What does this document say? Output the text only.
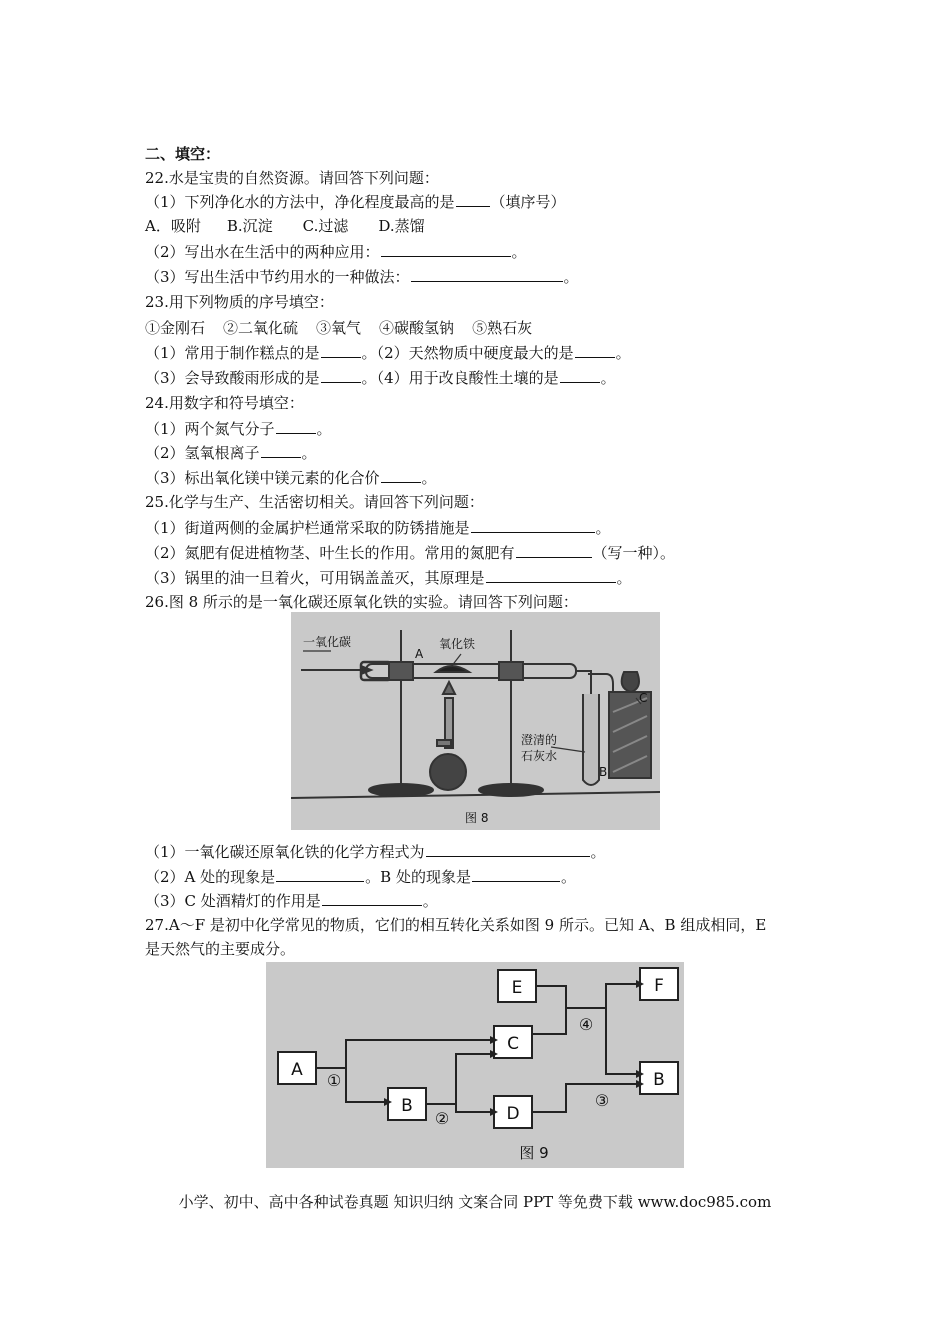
二、填空：
22.水是宝贵的自然资源。请回答下列问题：
（1）下列净化水的方法中，净化程度最高的是 （填序号）
A．吸附 B.沉淀 C.过滤 D.蒸馏
（2）写出水在生活中的两种应用：	。
（3）写出生活中节约用水的一种做法：	。
23.用下列物质的序号填空：
①金刚石 ②二氧化硫 ③氧气 ④碳酸氢钠 ⑤熟石灰
（1）常用于制作糕点的是	。（2）天然物质中硬度最大的是	。
（3）会导致酸雨形成的是	。（4）用于改良酸性土壤的是	。
24.用数字和符号填空：
（1）两个氮气分子	。
（2）氢氧根离子	。
（3）标出氧化镁中镁元素的化合价	。
25.化学与生产、生活密切相关。请回答下列问题：
（1）街道两侧的金属护栏通常采取的防锈措施是	。
（2）氮肥有促进植物茎、叶生长的作用。常用的氮肥有	（写一种）。
（3）锅里的油一旦着火，可用锅盖盖灭，其原理是	。
26.图 8 所示的是一氧化碳还原氧化铁的实验。请回答下列问题：
一氧化碳
A
氧化铁
C
澄清的
石灰水
B
图 8
（1）一氧化碳还原氧化铁的化学方程式为	。
（2）A 处的现象是	。B 处的现象是	。
（3）C 处酒精灯的作用是	。
27.A～F 是初中化学常见的物质，它们的相互转化关系如图 9 所示。已知 A、B 组成相同，E
是天然气的主要成分。
A
B
C
D
E	F
B
①
②
③
④
图 9
小学、初中、高中各种试卷真题 知识归纳 文案合同 PPT 等免费下载 www.doc985.com
